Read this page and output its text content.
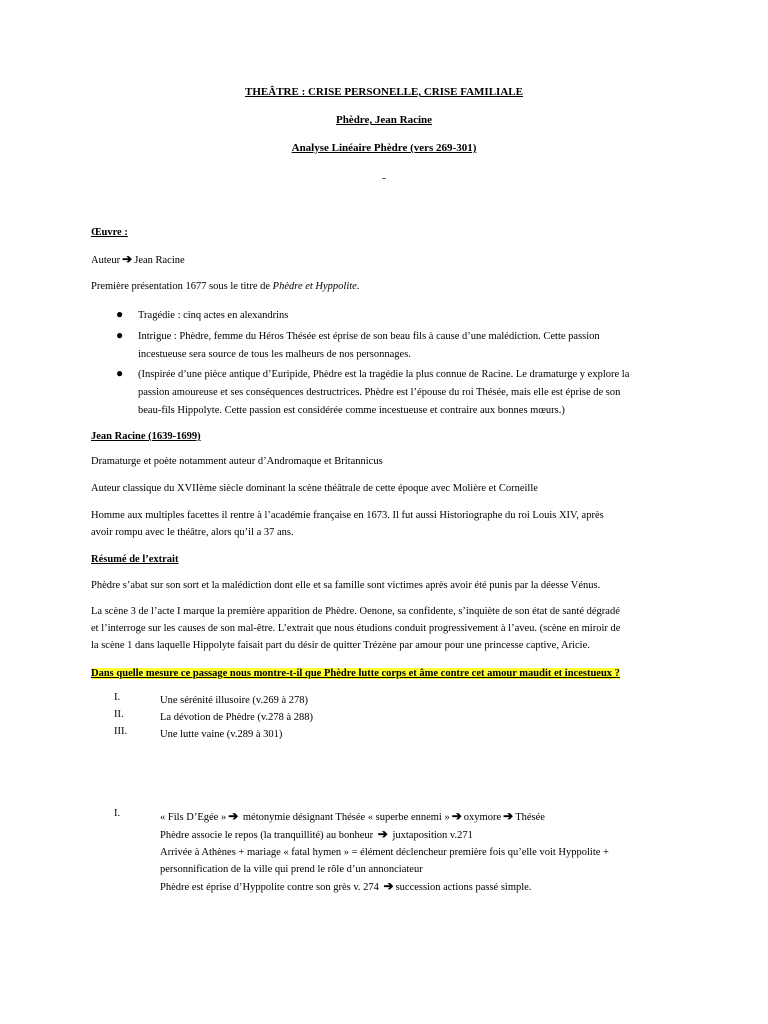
THEÂTRE : CRISE PERSONELLE, CRISE FAMILIALE
Phèdre, Jean Racine
Analyse Linéaire Phèdre (vers 269-301)
-
Œuvre :
Auteur ➔ Jean Racine
Première présentation 1677 sous le titre de Phèdre et Hyppolite.
● Tragédie : cinq actes en alexandrins
● Intrigue : Phèdre, femme du Héros Thésée est éprise de son beau fils à cause d’une malédiction. Cette passion
incestueuse sera source de tous les malheurs de nos personnages.
● (Inspirée d’une pièce antique d’Euripide, Phèdre est la tragédie la plus connue de Racine. Le dramaturge y explore la
passion amoureuse et ses conséquences destructrices. Phèdre est l’épouse du roi Thésée, mais elle est éprise de son
beau-fils Hippolyte. Cette passion est considérée comme incestueuse et contraire aux bonnes mœurs.)
Jean Racine (1639-1699)
Dramaturge et poète notamment auteur d’Andromaque et Britannicus
Auteur classique du XVIIème siècle dominant la scène théâtrale de cette époque avec Molière et Corneille
Homme aux multiples facettes il rentre à l’académie française en 1673. Il fut aussi Historiographe du roi Louis XIV, après
avoir rompu avec le théâtre, alors qu’il a 37 ans.
Résumé de l’extrait
Phèdre s’abat sur son sort et la malédiction dont elle et sa famille sont victimes après avoir été punis par la déesse Vénus.
La scène 3 de l’acte I marque la première apparition de Phèdre. Oenone, sa confidente, s’inquiète de son état de santé dégradé
et l’interroge sur les causes de son mal-être. L’extrait que nous étudions conduit progressivement à l’aveu. (scène en miroir de
la scène 1 dans laquelle Hippolyte faisait part du désir de quitter Trézène par amour pour une princesse captive, Aricie.
Dans quelle mesure ce passage nous montre-t-il que Phèdre lutte corps et âme contre cet amour maudit et incestueux ?
I.	Une sérénité illusoire (v.269 à 278)
II.	La dévotion de Phèdre (v.278 à 288)
III.	Une lutte vaine (v.289 à 301)
I.	« Fils D’Egée » ➔ métonymie désignant Thésée « superbe ennemi » ➔ oxymore ➔ Thésée
Phèdre associe le repos (la tranquillité) au bonheur ➔ juxtaposition v.271
Arrivée à Athènes + mariage « fatal hymen » = élément déclencheur première fois qu’elle voit Hyppolite +
personnification de la ville qui prend le rôle d’un annonciateur
Phèdre est éprise d’Hyppolite contre son grès v. 274 ➔ succession actions passé simple.
